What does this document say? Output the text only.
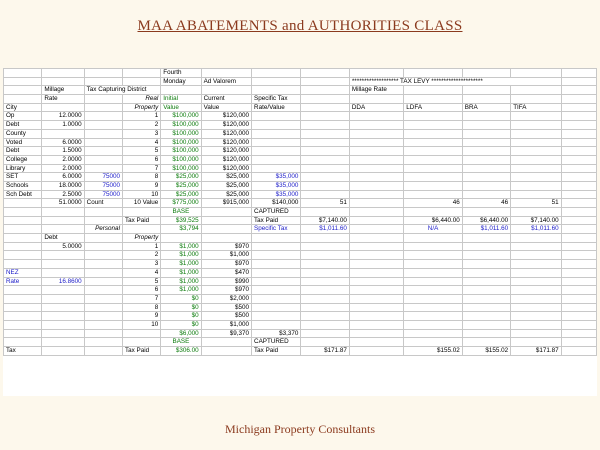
MAA ABATEMENTS and AUTHORITIES CLASS
				Fourth								
				Monday	Ad Valorem			******************* TAX LEVY *********************				
	Millage	Tax Capturing District						Millage Rate				
	Rate		Real	Initial	Current	Specific Tax						
City			Property	Value	Value	Rate/Value		DDA	LDFA	BRA	TIFA	
Op	12.0000		1	$100,000	$120,000							
Debt	1.0000		2	$100,000	$120,000							
County			3	$100,000	$120,000							
Voted	6.0000		4	$100,000	$120,000							
Debt	1.5000		5	$100,000	$120,000							
College	2.0000		6	$100,000	$120,000							
Library	2.0000		7	$100,000	$120,000							
SET	6.0000	75000	8	$25,000	$25,000	$35,000						
Schools	18.0000	75000	9	$25,000	$25,000	$35,000						
Sch Debt	2.5000	75000	10	$25,000	$25,000	$35,000						
	51.0000	Count	10 Value	$775,000	$915,000	$140,000	51		46	46	51	
				BASE		CAPTURED						
			Tax Paid	$39,525		Tax Paid	$7,140.00		$6,440.00	$6,440.00	$7,140.00	
		Personal		$3,794		Specific Tax	$1,011.60		N/A	$1,011.60	$1,011.60	
	Debt		Property									
	5.0000		1	$1,000	$970							
			2	$1,000	$1,000							
			3	$1,000	$970							
NEZ			4	$1,000	$470							
Rate	16.8600		5	$1,000	$990							
			6	$1,000	$970							
			7	$0	$2,000							
			8	$0	$500							
			9	$0	$500							
			10	$0	$1,000							
				$6,000	$9,370	$3,370						
				BASE		CAPTURED						
Tax			Tax Paid	$306.00		Tax Paid	$171.87		$155.02	$155.02	$171.87	
Michigan Property Consultants
